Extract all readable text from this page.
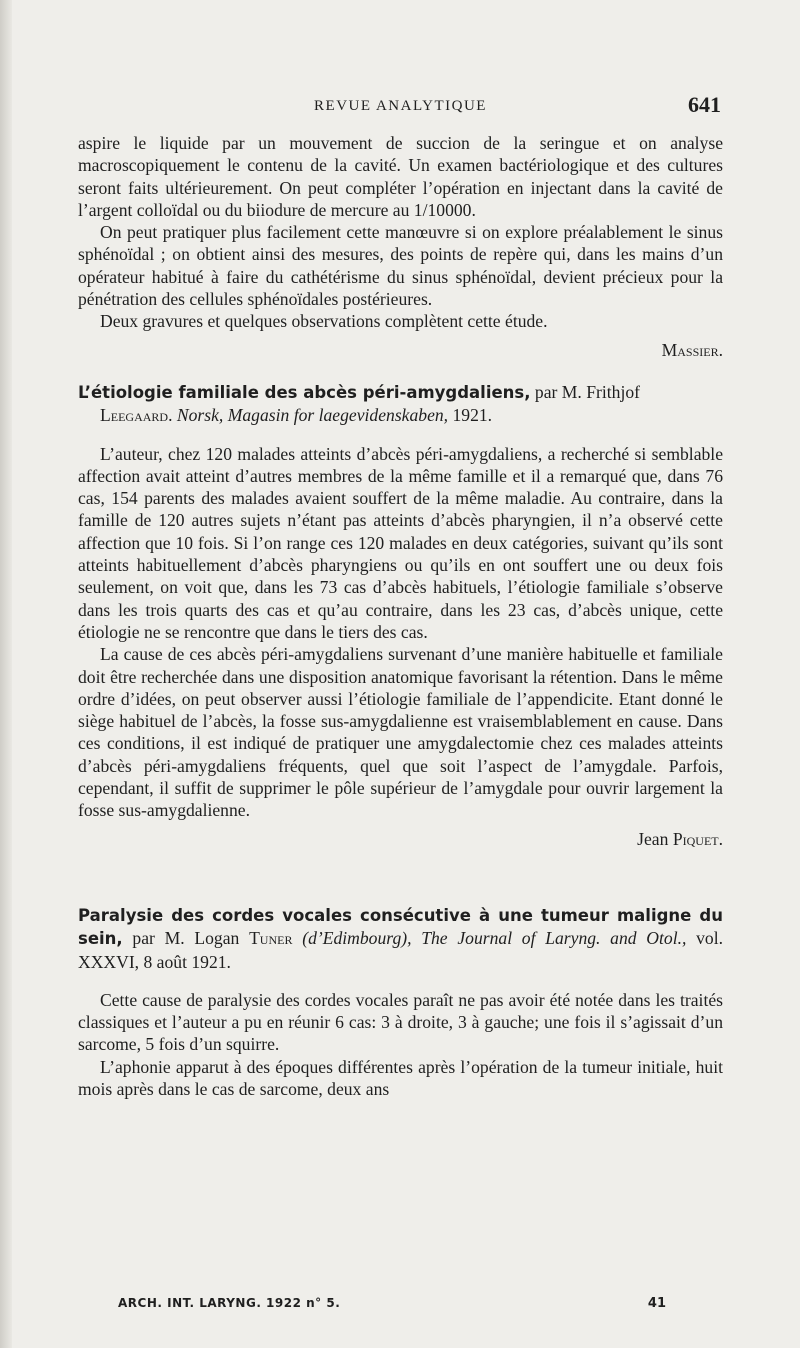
REVUE ANALYTIQUE	641

aspire le liquide par un mouvement de succion de la seringue et on analyse macroscopiquement le contenu de la cavité. Un examen bactériologique et des cultures seront faits ultérieurement. On peut compléter l’opération en injectant dans la cavité de l’argent colloïdal ou du biiodure de mercure au 1/10000.

On peut pratiquer plus facilement cette manœuvre si on explore préalablement le sinus sphénoïdal ; on obtient ainsi des mesures, des points de repère qui, dans les mains d’un opérateur habitué à faire du cathétérisme du sinus sphénoïdal, devient précieux pour la pénétration des cellules sphénoïdales postérieures.

Deux gravures et quelques observations complètent cette étude.

Massier.
L’étiologie familiale des abcès péri-amygdaliens, par M. Frithjof
Leegaard. Norsk, Magasin for laegevidenskaben, 1921.

L’auteur, chez 120 malades atteints d’abcès péri-amygdaliens, a recherché si semblable affection avait atteint d’autres membres de la même famille et il a remarqué que, dans 76 cas, 154 parents des malades avaient souffert de la même maladie. Au contraire, dans la famille de 120 autres sujets n’étant pas atteints d’abcès pharyngien, il n’a observé cette affection que 10 fois. Si l’on range ces 120 malades en deux catégories, suivant qu’ils sont atteints habituellement d’abcès pharyngiens ou qu’ils en ont souffert une ou deux fois seulement, on voit que, dans les 73 cas d’abcès habituels, l’étiologie familiale s’observe dans les trois quarts des cas et qu’au contraire, dans les 23 cas, d’abcès unique, cette étiologie ne se rencontre que dans le tiers des cas.

La cause de ces abcès péri-amygdaliens survenant d’une manière habituelle et familiale doit être recherchée dans une disposition anatomique favorisant la rétention. Dans le même ordre d’idées, on peut observer aussi l’étiologie familiale de l’appendicite. Etant donné le siège habituel de l’abcès, la fosse sus-amygdalienne est vraisemblablement en cause. Dans ces conditions, il est indiqué de pratiquer une amygdalectomie chez ces malades atteints d’abcès péri-amygdaliens fréquents, quel que soit l’aspect de l’amygdale. Parfois, cependant, il suffit de supprimer le pôle supérieur de l’amygdale pour ouvrir largement la fosse sus-amygdalienne.

Jean Piquet.
Paralysie des cordes vocales consécutive à une tumeur maligne du sein, par M. Logan Tuner (d’Edimbourg), The Journal of Laryng. and Otol., vol. XXXVI, 8 août 1921.

Cette cause de paralysie des cordes vocales paraît ne pas avoir été notée dans les traités classiques et l’auteur a pu en réunir 6 cas: 3 à droite, 3 à gauche; une fois il s’agissait d’un sarcome, 5 fois d’un squirre.

L’aphonie apparut à des époques différentes après l’opération de la tumeur initiale, huit mois après dans le cas de sarcome, deux ans

ARCH. INT. LARYNG. 1922 n° 5.	41
